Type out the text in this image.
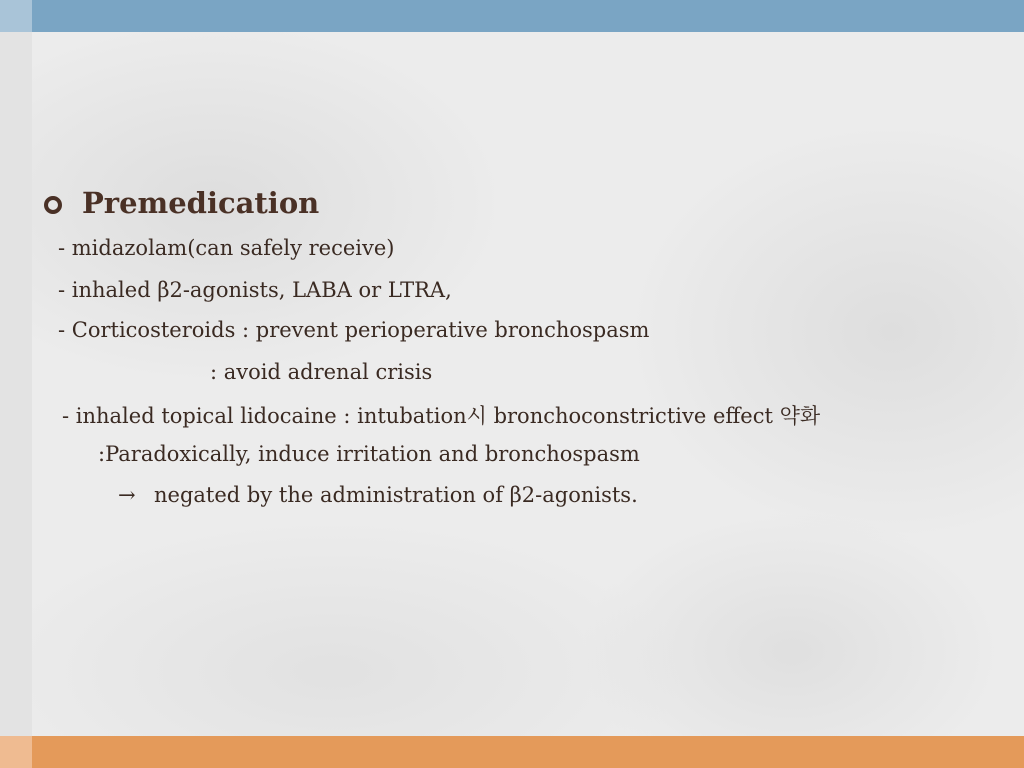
Premedication
- midazolam(can safely receive)
- inhaled β2-agonists, LABA or LTRA,
- Corticosteroids : prevent perioperative bronchospasm
: avoid adrenal crisis
- inhaled topical lidocaine : intubation시 bronchoconstrictive effect 약화
:Paradoxically, induce irritation and bronchospasm
→ negated by the administration of β2-agonists.
